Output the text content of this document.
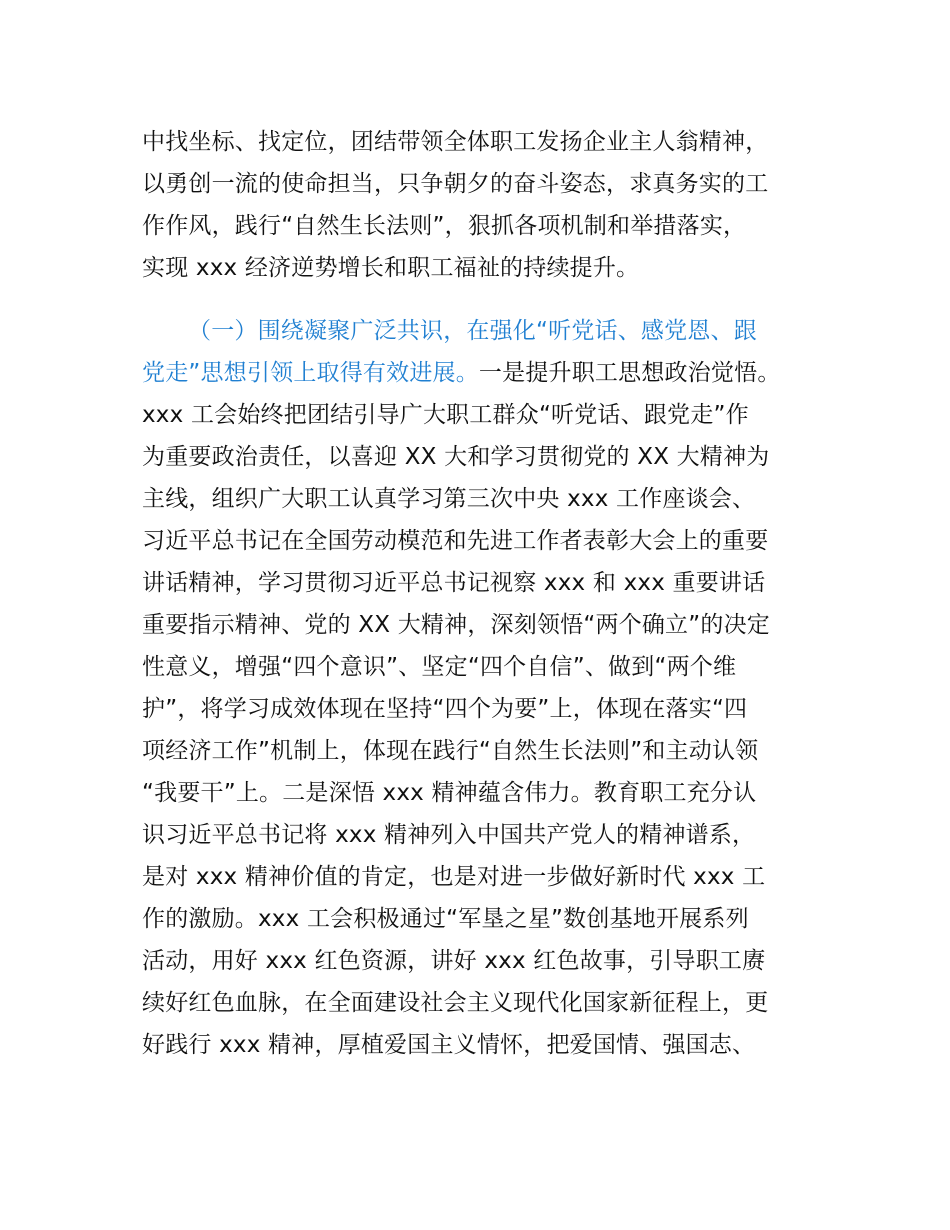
中找坐标、找定位，团结带领全体职工发扬企业主人翁精神，
以勇创一流的使命担当，只争朝夕的奋斗姿态，求真务实的工
作作风，践行“自然生长法则”，狠抓各项机制和举措落实，
实现 xxx 经济逆势增长和职工福祉的持续提升。
（一）围绕凝聚广泛共识，在强化“听党话、感党恩、跟
党走”思想引领上取得有效进展。一是提升职工思想政治觉悟。
xxx 工会始终把团结引导广大职工群众“听党话、跟党走”作
为重要政治责任，以喜迎 XX 大和学习贯彻党的 XX 大精神为
主线，组织广大职工认真学习第三次中央 xxx 工作座谈会、
习近平总书记在全国劳动模范和先进工作者表彰大会上的重要
讲话精神，学习贯彻习近平总书记视察 xxx 和 xxx 重要讲话
重要指示精神、党的 XX 大精神，深刻领悟“两个确立”的决定
性意义，增强“四个意识”、坚定“四个自信”、做到“两个维
护”，将学习成效体现在坚持“四个为要”上，体现在落实“四
项经济工作”机制上，体现在践行“自然生长法则”和主动认领
“我要干”上。二是深悟 xxx 精神蕴含伟力。教育职工充分认
识习近平总书记将 xxx 精神列入中国共产党人的精神谱系，
是对 xxx 精神价值的肯定，也是对进一步做好新时代 xxx 工
作的激励。xxx 工会积极通过“军垦之星”数创基地开展系列
活动，用好 xxx 红色资源，讲好 xxx 红色故事，引导职工赓
续好红色血脉，在全面建设社会主义现代化国家新征程上，更
好践行 xxx 精神，厚植爱国主义情怀，把爱国情、强国志、
